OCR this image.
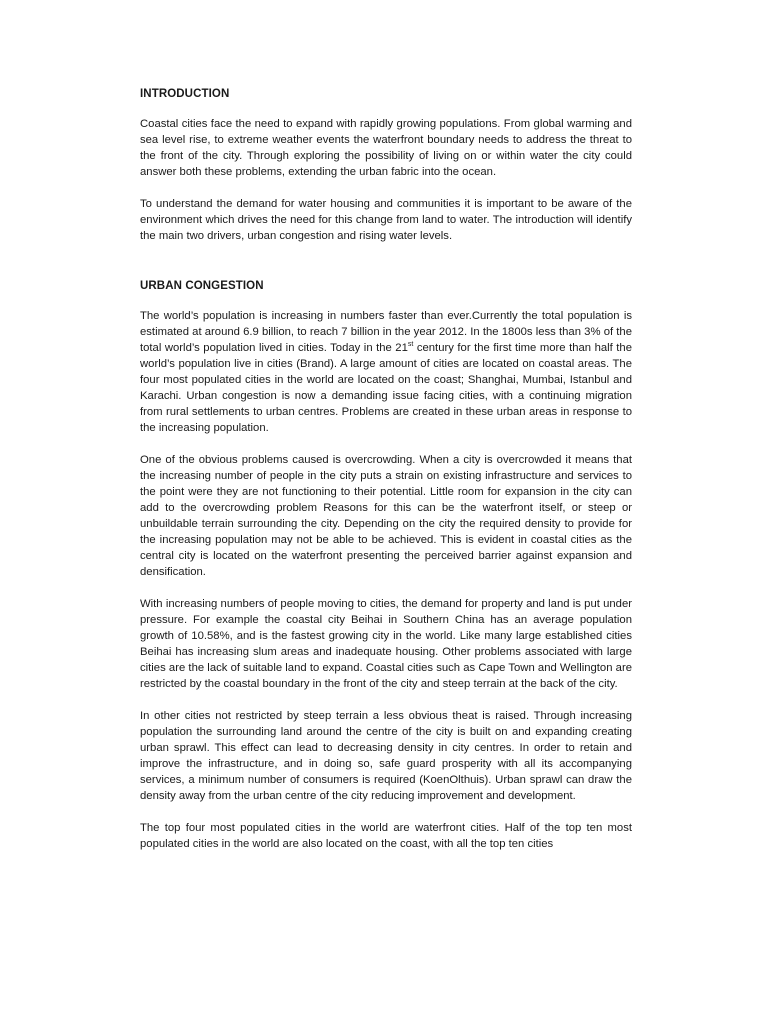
INTRODUCTION

Coastal cities face the need to expand with rapidly growing populations. From global warming and sea level rise, to extreme weather events the waterfront boundary needs to address the threat to the front of the city. Through exploring the possibility of living on or within water the city could answer both these problems, extending the urban fabric into the ocean.

To understand the demand for water housing and communities it is important to be aware of the environment which drives the need for this change from land to water. The introduction will identify the main two drivers, urban congestion and rising water levels.

URBAN CONGESTION

The world’s population is increasing in numbers faster than ever.Currently the total population is estimated at around 6.9 billion, to reach 7 billion in the year 2012. In the 1800s less than 3% of the total world’s population lived in cities. Today in the 21st century for the first time more than half the world’s population live in cities (Brand). A large amount of cities are located on coastal areas. The four most populated cities in the world are located on the coast; Shanghai, Mumbai, Istanbul and Karachi. Urban congestion is now a demanding issue facing cities, with a continuing migration from rural settlements to urban centres. Problems are created in these urban areas in response to the increasing population.

One of the obvious problems caused is overcrowding. When a city is overcrowded it means that the increasing number of people in the city puts a strain on existing infrastructure and services to the point were they are not functioning to their potential. Little room for expansion in the city can add to the overcrowding problem Reasons for this can be the waterfront itself, or steep or unbuildable terrain surrounding the city. Depending on the city the required density to provide for the increasing population may not be able to be achieved. This is evident in coastal cities as the central city is located on the waterfront presenting the perceived barrier against expansion and densification.

With increasing numbers of people moving to cities, the demand for property and land is put under pressure. For example the coastal city Beihai in Southern China has an average population growth of 10.58%, and is the fastest growing city in the world. Like many large established cities Beihai has increasing slum areas and inadequate housing. Other problems associated with large cities are the lack of suitable land to expand. Coastal cities such as Cape Town and Wellington are restricted by the coastal boundary in the front of the city and steep terrain at the back of the city.

In other cities not restricted by steep terrain a less obvious theat is raised. Through increasing population the surrounding land around the centre of the city is built on and expanding creating urban sprawl. This effect can lead to decreasing density in city centres. In order to retain and improve the infrastructure, and in doing so, safe guard prosperity with all its accompanying services, a minimum number of consumers is required (KoenOlthuis). Urban sprawl can draw the density away from the urban centre of the city reducing improvement and development.

The top four most populated cities in the world are waterfront cities. Half of the top ten most populated cities in the world are also located on the coast, with all the top ten cities
